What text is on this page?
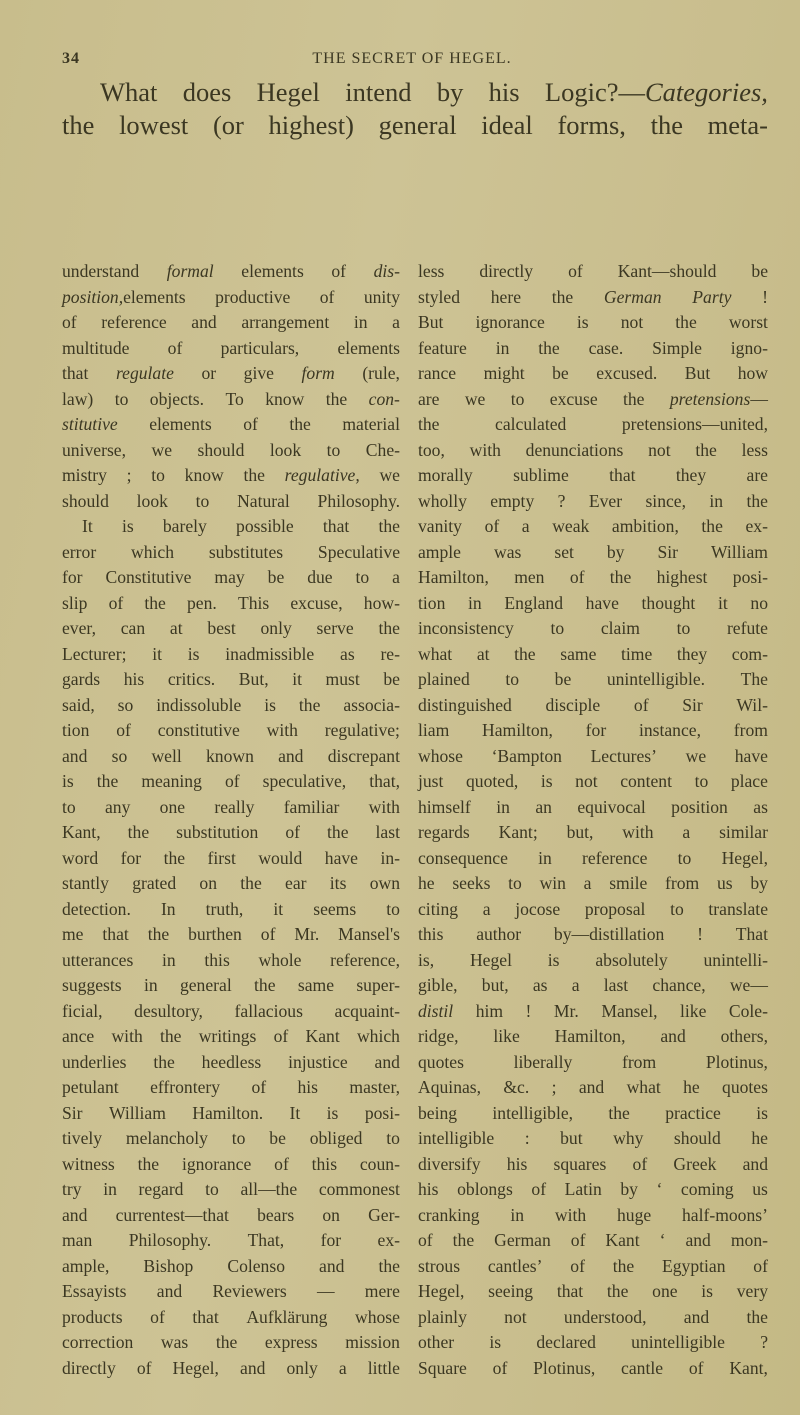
34	THE SECRET OF HEGEL.
What does Hegel intend by his Logic?—Categories,
the lowest (or highest) general ideal forms, the meta-
understand formal elements of dis-
position,elements productive of unity
of reference and arrangement in a
multitude of particulars, elements
that regulate or give form (rule,
law) to objects. To know the con-
stitutive elements of the material
universe, we should look to Che-
mistry ; to know the regulative, we
should look to Natural Philosophy.
It is barely possible that the
error which substitutes Speculative
for Constitutive may be due to a
slip of the pen. This excuse, how-
ever, can at best only serve the
Lecturer; it is inadmissible as re-
gards his critics. But, it must be
said, so indissoluble is the associa-
tion of constitutive with regulative;
and so well known and discrepant
is the meaning of speculative, that,
to any one really familiar with
Kant, the substitution of the last
word for the first would have in-
stantly grated on the ear its own
detection. In truth, it seems to
me that the burthen of Mr. Mansel's
utterances in this whole reference,
suggests in general the same super-
ficial, desultory, fallacious acquaint-
ance with the writings of Kant which
underlies the heedless injustice and
petulant effrontery of his master,
Sir William Hamilton. It is posi-
tively melancholy to be obliged to
witness the ignorance of this coun-
try in regard to all—the commonest
and currentest—that bears on Ger-
man Philosophy. That, for ex-
ample, Bishop Colenso and the
Essayists and Reviewers — mere
products of that Aufklärung whose
correction was the express mission
directly of Hegel, and only a little
less directly of Kant—should be
styled here the German Party !
But ignorance is not the worst
feature in the case. Simple igno-
rance might be excused. But how
are we to excuse the pretensions—
the	calculated	pretensions—united,
too, with denunciations not the less
morally sublime that they are
wholly empty ? Ever since, in the
vanity of a weak ambition, the ex-
ample was set by Sir William
Hamilton, men of the highest posi-
tion in England have thought it no
inconsistency to claim to refute
what at the same time they com-
plained to be unintelligible. The
distinguished disciple of Sir Wil-
liam Hamilton, for instance, from
whose ‘Bampton Lectures’ we have
just quoted, is not content to place
himself in an equivocal position as
regards Kant; but, with a similar
consequence in reference to Hegel,
he seeks to win a smile from us by
citing a jocose proposal to translate
this author by—distillation ! That
is, Hegel is absolutely unintelli-
gible, but, as a last chance, we—
distil him ! Mr. Mansel, like Cole-
ridge, like Hamilton, and others,
quotes	liberally	from	Plotinus,
Aquinas, &c. ; and what he quotes
being intelligible, the practice is
intelligible : but why should he
diversify his squares of Greek and
his oblongs of Latin by ‘ coming us
cranking in with huge half-moons’
of the German of Kant ‘ and mon-
strous cantles’ of the Egyptian of
Hegel, seeing that the one is very
plainly not understood, and the
other is declared unintelligible ?
Square of Plotinus, cantle of Kant,
